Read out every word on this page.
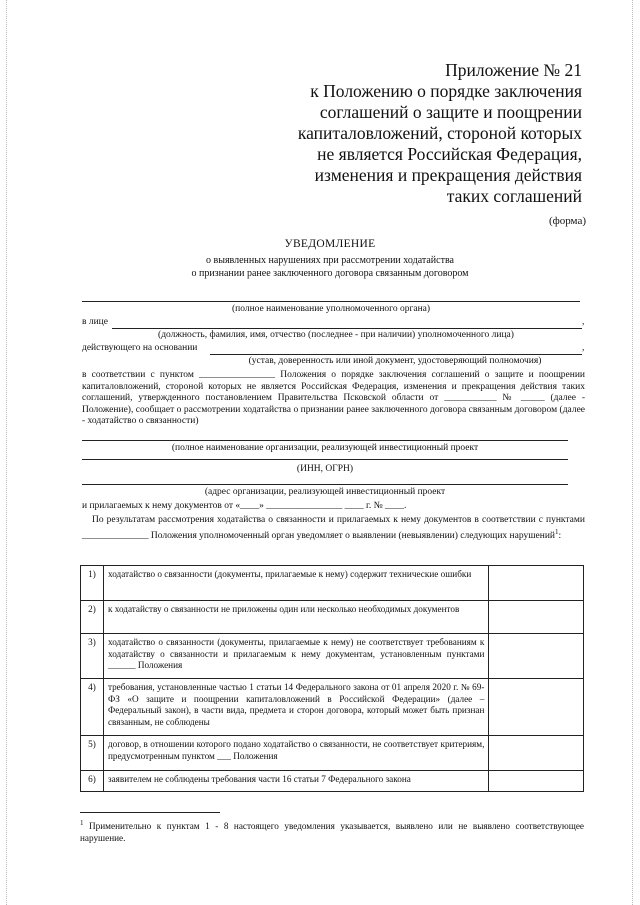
Приложение № 21
к Положению о порядке заключения
соглашений о защите и поощрении
капиталовложений, стороной которых
не является Российская Федерация,
изменения и прекращения действия
таких соглашений
(форма)
УВЕДОМЛЕНИЕ
о выявленных нарушениях при рассмотрении ходатайства
о признании ранее заключенного договора связанным договором
(полное наименование уполномоченного органа)
в лице	,
(должность, фамилия, имя, отчество (последнее - при наличии) уполномоченного лица)
действующего на основании	,
(устав, доверенность или иной документ, удостоверяющий полномочия)
в соответствии с пунктом ________________ Положения о порядке заключения соглашений о защите и поощрении капиталовложений, стороной которых не является Российская Федерация, изменения и прекращения действия таких соглашений, утвержденного постановлением Правительства Псковской области от ___________ № _____ (далее - Положение), сообщает о рассмотрении ходатайства о признании ранее заключенного договора связанным договором (далее - ходатайство о связанности)
(полное наименование организации, реализующей инвестиционный проект
(ИНН, ОГРН)
(адрес организации, реализующей инвестиционный проект
и прилагаемых к нему документов от «____» ________________ ____ г. № ____.
По результатам рассмотрения ходатайства о связанности и прилагаемых к нему документов в соответствии с пунктами ______________ Положения уполномоченный орган уведомляет о выявлении (невыявлении) следующих нарушений$^1$:
1)	ходатайство о связанности (документы, прилагаемые к нему) содержит технические ошибки	
2)	к ходатайству о связанности не приложены один или несколько необходимых документов	
3)	ходатайство о связанности (документы, прилагаемые к нему) не соответствует требованиям к ходатайству о связанности и прилагаемым к нему документам, установленным пунктами ______ Положения	
4)	требования, установленные частью 1 статьи 14 Федерального закона от 01 апреля 2020 г. № 69-ФЗ «О защите и поощрении капиталовложений в Российской Федерации» (далее – Федеральный закон), в части вида, предмета и сторон договора, который может быть признан связанным, не соблюдены	
5)	договор, в отношении которого подано ходатайство о связанности, не соответствует критериям, предусмотренным пунктом ___ Положения	
6)	заявителем не соблюдены требования части 16 статьи 7 Федерального закона	
$^1$ Применительно к пунктам 1 - 8 настоящего уведомления указывается, выявлено или не выявлено соответствующее нарушение.
